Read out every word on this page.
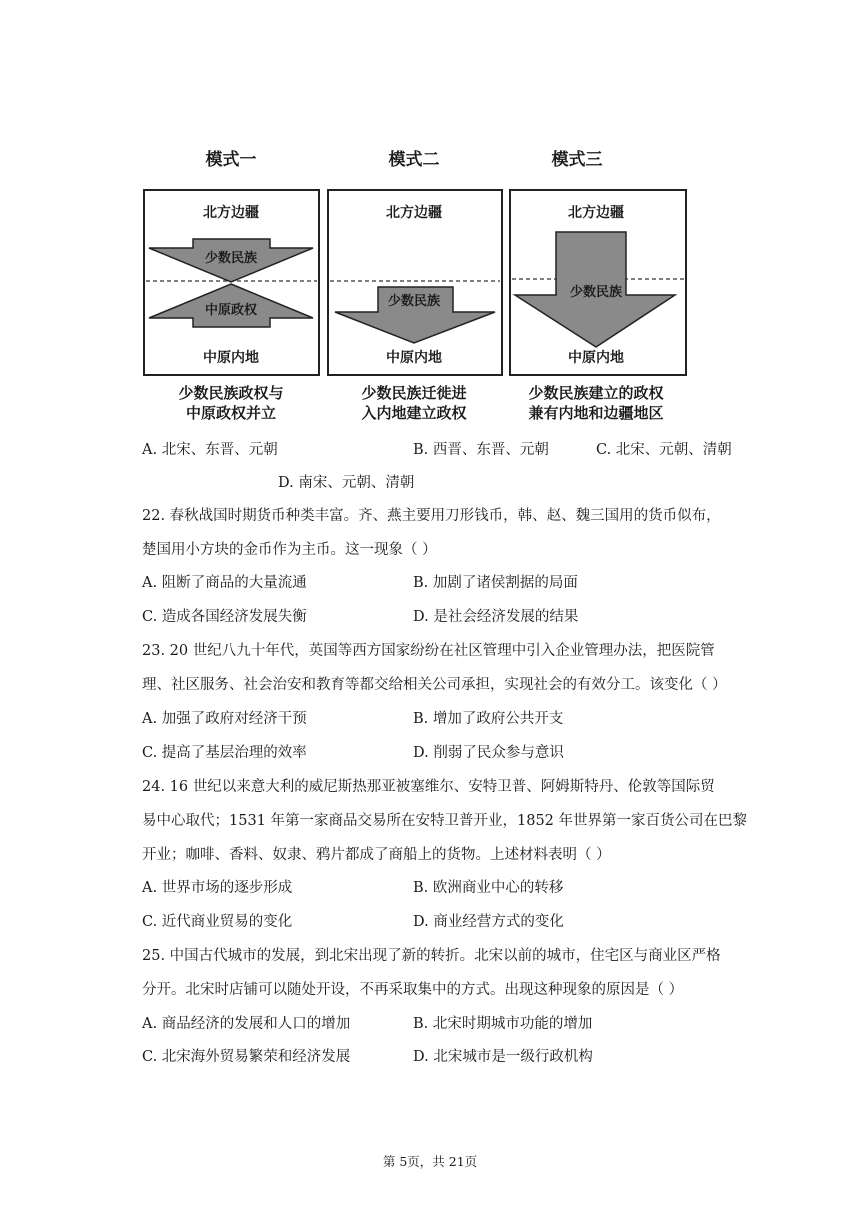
模式一	模式二	模式三
北方边疆
少数民族
中原政权
中原内地
北方边疆
少数民族
中原内地
北方边疆
少数民族
中原内地
少数民族政权与
中原政权并立
少数民族迁徙进
入内地建立政权
少数民族建立的政权
兼有内地和边疆地区
A. 北宋、东晋、元朝	B. 西晋、东晋、元朝	C. 北宋、元朝、清朝
D. 南宋、元朝、清朝
22. 春秋战国时期货币种类丰富。齐、燕主要用刀形钱币，韩、赵、魏三国用的货币似布，
楚国用小方块的金币作为主币。这一现象（ ）
A. 阻断了商品的大量流通	B. 加剧了诸侯割据的局面
C. 造成各国经济发展失衡	D. 是社会经济发展的结果
23. 20 世纪八九十年代，英国等西方国家纷纷在社区管理中引入企业管理办法，把医院管
理、社区服务、社会治安和教育等都交给相关公司承担，实现社会的有效分工。该变化（ ）
A. 加强了政府对经济干预	B. 增加了政府公共开支
C. 提高了基层治理的效率	D. 削弱了民众参与意识
24. 16 世纪以来意大利的威尼斯热那亚被塞维尔、安特卫普、阿姆斯特丹、伦敦等国际贸
易中心取代；1531 年第一家商品交易所在安特卫普开业，1852 年世界第一家百货公司在巴黎
开业；咖啡、香料、奴隶、鸦片都成了商船上的货物。上述材料表明（ ）
A. 世界市场的逐步形成	B. 欧洲商业中心的转移
C. 近代商业贸易的变化	D. 商业经营方式的变化
25. 中国古代城市的发展，到北宋出现了新的转折。北宋以前的城市，住宅区与商业区严格
分开。北宋时店铺可以随处开设，不再采取集中的方式。出现这种现象的原因是（ ）
A. 商品经济的发展和人口的增加	B. 北宋时期城市功能的增加
C. 北宋海外贸易繁荣和经济发展	D. 北宋城市是一级行政机构
第 5页，共 21页
